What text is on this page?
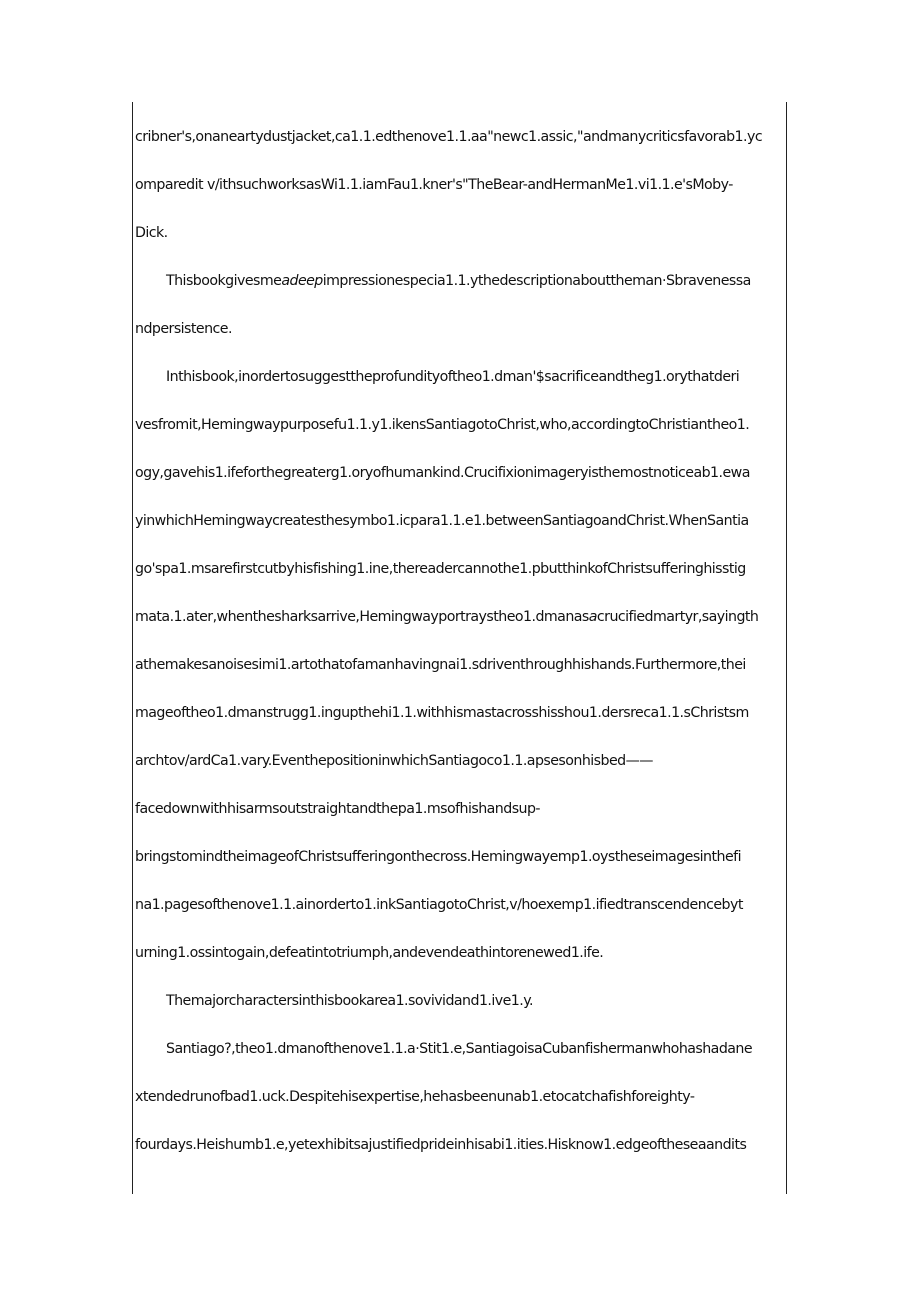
cribner's,onaneartydustjacket,ca1.1.edthenove1.1.aa"newc1.assic,"andmanycriticsfavorab1.yc
omparedit v/ithsuchworksasWi1.1.iamFau1.kner's"TheBear-andHermanMe1.vi1.1.e'sMoby-
Dick.
Thisbookgivesmeadeepimpressionespecia1.1.ythedescriptionabouttheman·Sbravenessa
ndpersistence.
Inthisbook,inordertosuggesttheprofundityoftheo1.dman'$sacrificeandtheg1.orythatderi
vesfromit,Hemingwaypurposefu1.1.y1.ikensSantiagotoChrist,who,accordingtoChristiantheo1.
ogy,gavehis1.ifeforthegreaterg1.oryofhumankind.Crucifixionimageryisthemostnoticeab1.ewa
yinwhichHemingwaycreatesthesymbo1.icpara1.1.e1.betweenSantiagoandChrist.WhenSantia
go'spa1.msarefirstcutbyhisfishing1.ine,thereadercannothe1.pbutthinkofChristsufferinghisstig
mata.1.ater,whenthesharksarrive,Hemingwayportraystheo1.dmanasacrucifiedmartyr,sayingth
athemakesanoisesimi1.artothatofamanhavingnai1.sdriventhroughhishands.Furthermore,thei
mageoftheo1.dmanstrugg1.ingupthehi1.1.withhismastacrosshisshou1.dersreca1.1.sChristsm
archtov/ardCa1.vary.EventhepositioninwhichSantiagoco1.1.apsesonhisbed——
facedownwithhisarmsoutstraightandthepa1.msofhishandsup-
bringstomindtheimageofChristsufferingonthecross.Hemingwayemp1.oystheseimagesinthefi
na1.pagesofthenove1.1.ainorderto1.inkSantiagotoChrist,v/hoexemp1.ifiedtranscendencebyt
urning1.ossintogain,defeatintotriumph,andevendeathintorenewed1.ife.
Themajorcharactersinthisbookarea1.sovividand1.ive1.y.
Santiago?,theo1.dmanofthenove1.1.a·Stit1.e,SantiagoisaCubanfishermanwhohashadane
xtendedrunofbad1.uck.Despitehisexpertise,hehasbeenunab1.etocatchafishforeighty-
fourdays.Heishumb1.e,yetexhibitsajustifiedprideinhisabi1.ities.Hisknow1.edgeoftheseaandits
